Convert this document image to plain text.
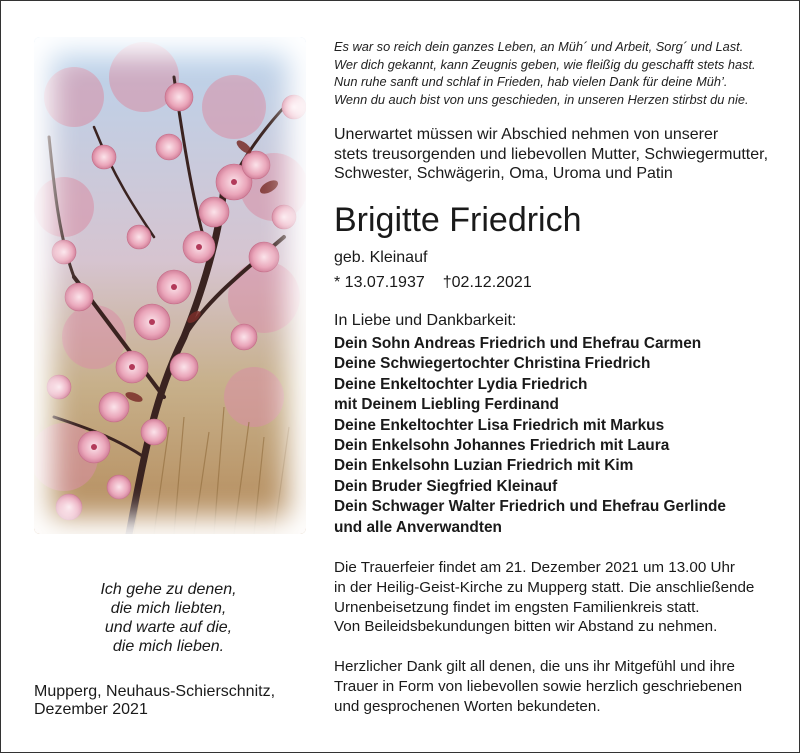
Ich gehe zu denen,
die mich liebten,
und warte auf die,
die mich lieben.
Mupperg, Neuhaus-Schierschnitz,
Dezember 2021
Es war so reich dein ganzes Leben, an Müh´ und Arbeit, Sorg´ und Last.
Wer dich gekannt, kann Zeugnis geben, wie fleißig du geschafft stets hast.
Nun ruhe sanft und schlaf in Frieden, hab vielen Dank für deine Müh’.
Wenn du auch bist von uns geschieden, in unseren Herzen stirbst du nie.
Unerwartet müssen wir Abschied nehmen von unserer
stets treusorgenden und liebevollen Mutter, Schwiegermutter,
Schwester, Schwägerin, Oma, Uroma und Patin
Brigitte Friedrich
geb. Kleinauf
* 13.07.1937 †02.12.2021
In Liebe und Dankbarkeit:
Dein Sohn Andreas Friedrich und Ehefrau Carmen
Deine Schwiegertochter Christina Friedrich
Deine Enkeltochter Lydia Friedrich
mit Deinem Liebling Ferdinand
Deine Enkeltochter Lisa Friedrich mit Markus
Dein Enkelsohn Johannes Friedrich mit Laura
Dein Enkelsohn Luzian Friedrich mit Kim
Dein Bruder Siegfried Kleinauf
Dein Schwager Walter Friedrich und Ehefrau Gerlinde
und alle Anverwandten
Die Trauerfeier findet am 21. Dezember 2021 um 13.00 Uhr
in der Heilig-Geist-Kirche zu Mupperg statt. Die anschließende
Urnenbeisetzung findet im engsten Familienkreis statt.
Von Beileidsbekundungen bitten wir Abstand zu nehmen.
Herzlicher Dank gilt all denen, die uns ihr Mitgefühl und ihre
Trauer in Form von liebevollen sowie herzlich geschriebenen
und gesprochenen Worten bekundeten.
